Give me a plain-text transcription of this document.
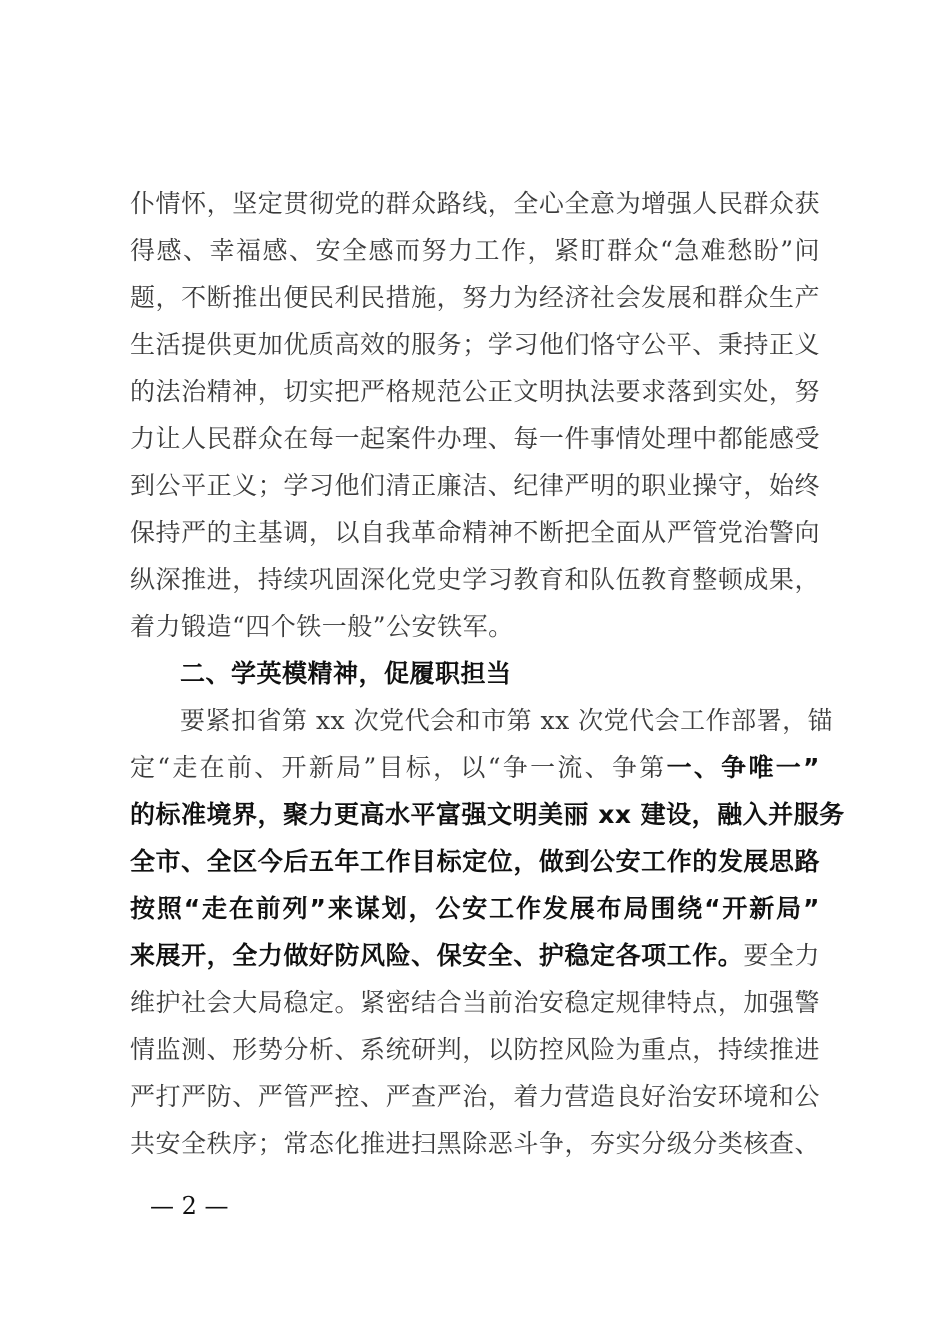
仆情怀，坚定贯彻党的群众路线，全心全意为增强人民群众获
得感、幸福感、安全感而努力工作，紧盯群众“急难愁盼”问
题，不断推出便民利民措施，努力为经济社会发展和群众生产
生活提供更加优质高效的服务；学习他们恪守公平、秉持正义
的法治精神，切实把严格规范公正文明执法要求落到实处，努
力让人民群众在每一起案件办理、每一件事情处理中都能感受
到公平正义；学习他们清正廉洁、纪律严明的职业操守，始终
保持严的主基调，以自我革命精神不断把全面从严管党治警向
纵深推进，持续巩固深化党史学习教育和队伍教育整顿成果，
着力锻造“四个铁一般”公安铁军。
二、学英模精神，促履职担当
要紧扣省第 xx 次党代会和市第 xx 次党代会工作部署，锚
定“走在前、开新局”目标，以“争一流、争第一、争唯一”
的标准境界，聚力更高水平富强文明美丽 xx 建设，融入并服务
全市、全区今后五年工作目标定位，做到公安工作的发展思路
按照“走在前列”来谋划，公安工作发展布局围绕“开新局”
来展开，全力做好防风险、保安全、护稳定各项工作。要全力
维护社会大局稳定。紧密结合当前治安稳定规律特点，加强警
情监测、形势分析、系统研判，以防控风险为重点，持续推进
严打严防、严管严控、严查严治，着力营造良好治安环境和公
共安全秩序；常态化推进扫黑除恶斗争，夯实分级分类核查、
— 2 —
